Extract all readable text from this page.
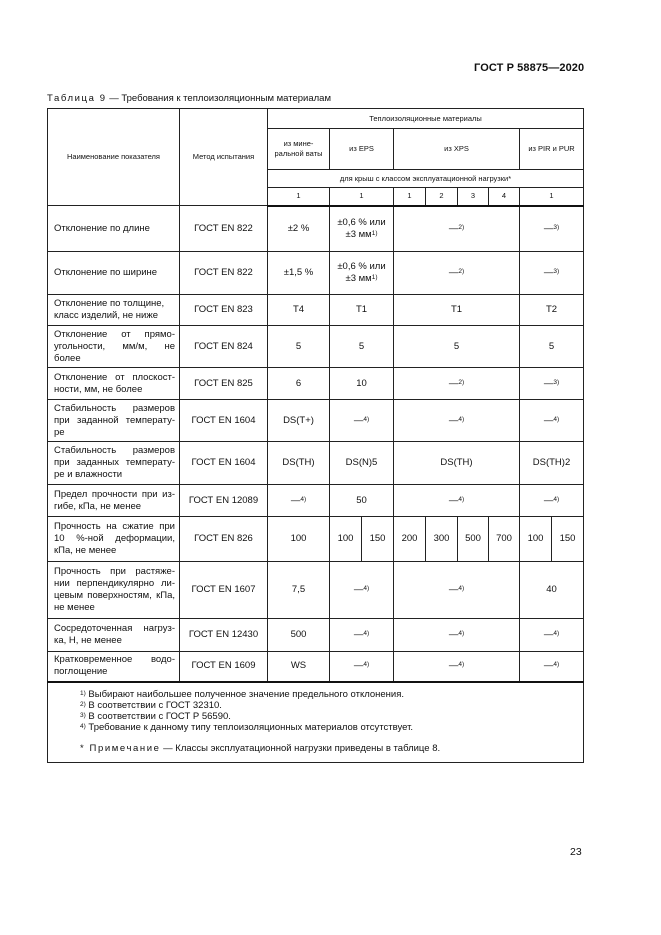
ГОСТ Р 58875—2020
Таблица 9 — Требования к теплоизоляционным материалам
Наименование показателя	Метод испытания	Теплоизоляционные материалы								
		из мине-ральной ваты	из EPS		из XPS				из PIR и PUR	
		для крыш с классом эксплуатационной нагрузки*								
		1	1		1	2	3	4	1	
Отклонение по длине	ГОСТ EN 822	±2 %	±0,6 % или ±3 $мм^{1)}$		—$^{2)}$				—$^{3)}$
Отклонение по ширине	ГОСТ EN 822	±1,5 %	±0,6 % или ±3 $мм^{1)}$		—$^{2)}$				—$^{3)}$
Отклонение по толщине, класс изделий, не ниже	ГОСТ EN 823	T4	T1		T1				T2	
Отклонение от прямо-угольности, мм/м, не более	ГОСТ EN 824	5	5		5				5	
Отклонение от плоскост-ности, мм, не более	ГОСТ EN 825	6	10		—$^{2)}$				—$^{3)}$
Стабильность размеров при заданной температу-ре	ГОСТ EN 1604	DS(T+)	—$^{4)}$		—$^{4)}$				—$^{4)}$
Стабильность размеров при заданных температу-ре и влажности	ГОСТ EN 1604	DS(TH)	DS(N)5		DS(TH)				DS(TH)2	
Предел прочности при из-гибе, кПа, не менее	ГОСТ EN 12089	—$^{4)}$	50		—$^{4)}$				—$^{4)}$
Прочность на сжатие при 10 %-ной деформации, кПа, не менее	ГОСТ EN 826	100	100	150	200	300	500	700	100	150
Прочность при растяже-нии перпендикулярно ли-цевым поверхностям, кПа, не менее	ГОСТ EN 1607	7,5	—$^{4)}$		—$^{4)}$				40	
Сосредоточенная нагруз-ка, Н, не менее	ГОСТ EN 12430	500	—$^{4)}$		—$^{4)}$				—$^{4)}$
Кратковременное водо-поглощение	ГОСТ EN 1609	WS	—$^{4)}$		—$^{4)}$				—$^{4)}$

$^{1)}$ Выбирают наибольшее полученное значение предельного отклонения.

$^{2)}$ В соответствии с ГОСТ 32310.

$^{3)}$ В соответствии с ГОСТ Р 56590.

$^{4)}$ Требование к данному типу теплоизоляционных материалов отсутствует.

* Примечание — Классы эксплуатационной нагрузки приведены в таблице 8.										

23
